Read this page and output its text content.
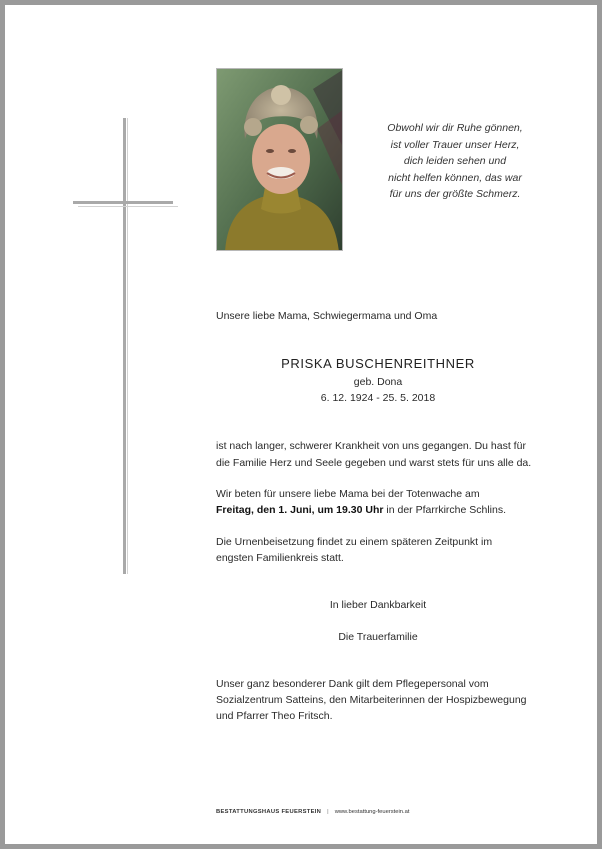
Obwohl wir dir Ruhe gönnen,
ist voller Trauer unser Herz,
dich leiden sehen und
nicht helfen können, das war
für uns der größte Schmerz.
Unsere liebe Mama, Schwiegermama und Oma
PRISKA BUSCHENREITHNER
geb. Dona
6. 12. 1924 - 25. 5. 2018
ist nach langer, schwerer Krankheit von uns gegangen. Du hast für
die Familie Herz und Seele gegeben und warst stets für uns alle da.
Wir beten für unsere liebe Mama bei der Totenwache am
Freitag, den 1. Juni, um 19.30 Uhr in der Pfarrkirche Schlins.
Die Urnenbeisetzung findet zu einem späteren Zeitpunkt im
engsten Familienkreis statt.
In lieber Dankbarkeit
Die Trauerfamilie
Unser ganz besonderer Dank gilt dem Pflegepersonal vom
Sozialzentrum Satteins, den Mitarbeiterinnen der Hospizbewegung
und Pfarrer Theo Fritsch.
BESTATTUNGSHAUS FEUERSTEIN | www.bestattung-feuerstein.at
